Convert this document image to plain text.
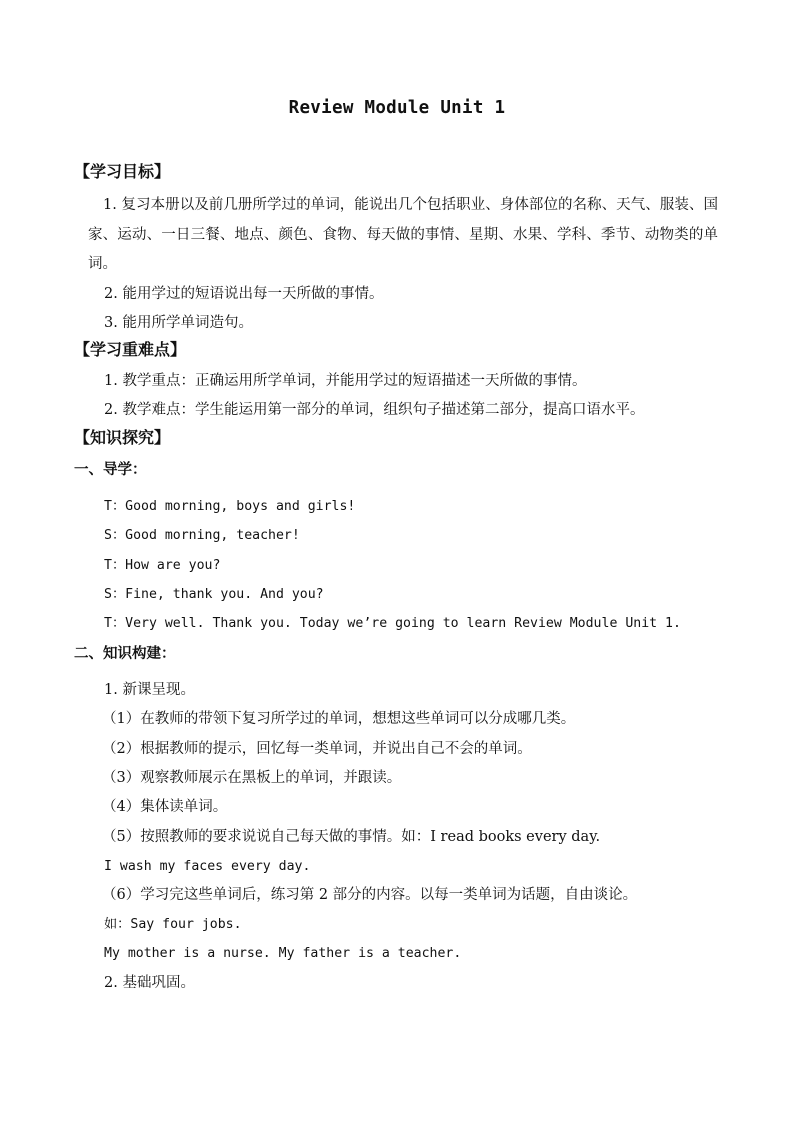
Review Module Unit 1
【学习目标】
1. 复习本册以及前几册所学过的单词，能说出几个包括职业、身体部位的名称、天气、服装、国家、运动、一日三餐、地点、颜色、食物、每天做的事情、星期、水果、学科、季节、动物类的单词。
2. 能用学过的短语说出每一天所做的事情。
3. 能用所学单词造句。
【学习重难点】
1. 教学重点：正确运用所学单词，并能用学过的短语描述一天所做的事情。
2. 教学难点：学生能运用第一部分的单词，组织句子描述第二部分，提高口语水平。
【知识探究】
一、导学：
T：Good morning, boys and girls!
S：Good morning, teacher!
T：How are you?
S：Fine, thank you. And you?
T：Very well. Thank you. Today we’re going to learn Review Module Unit 1.
二、知识构建：
1. 新课呈现。
（1）在教师的带领下复习所学过的单词，想想这些单词可以分成哪几类。
（2）根据教师的提示，回忆每一类单词，并说出自己不会的单词。
（3）观察教师展示在黑板上的单词，并跟读。
（4）集体读单词。
（5）按照教师的要求说说自己每天做的事情。如：I read books every day.
I wash my faces every day.
（6）学习完这些单词后，练习第 2 部分的内容。以每一类单词为话题，自由谈论。
如：Say four jobs.
My mother is a nurse. My father is a teacher.
2. 基础巩固。
